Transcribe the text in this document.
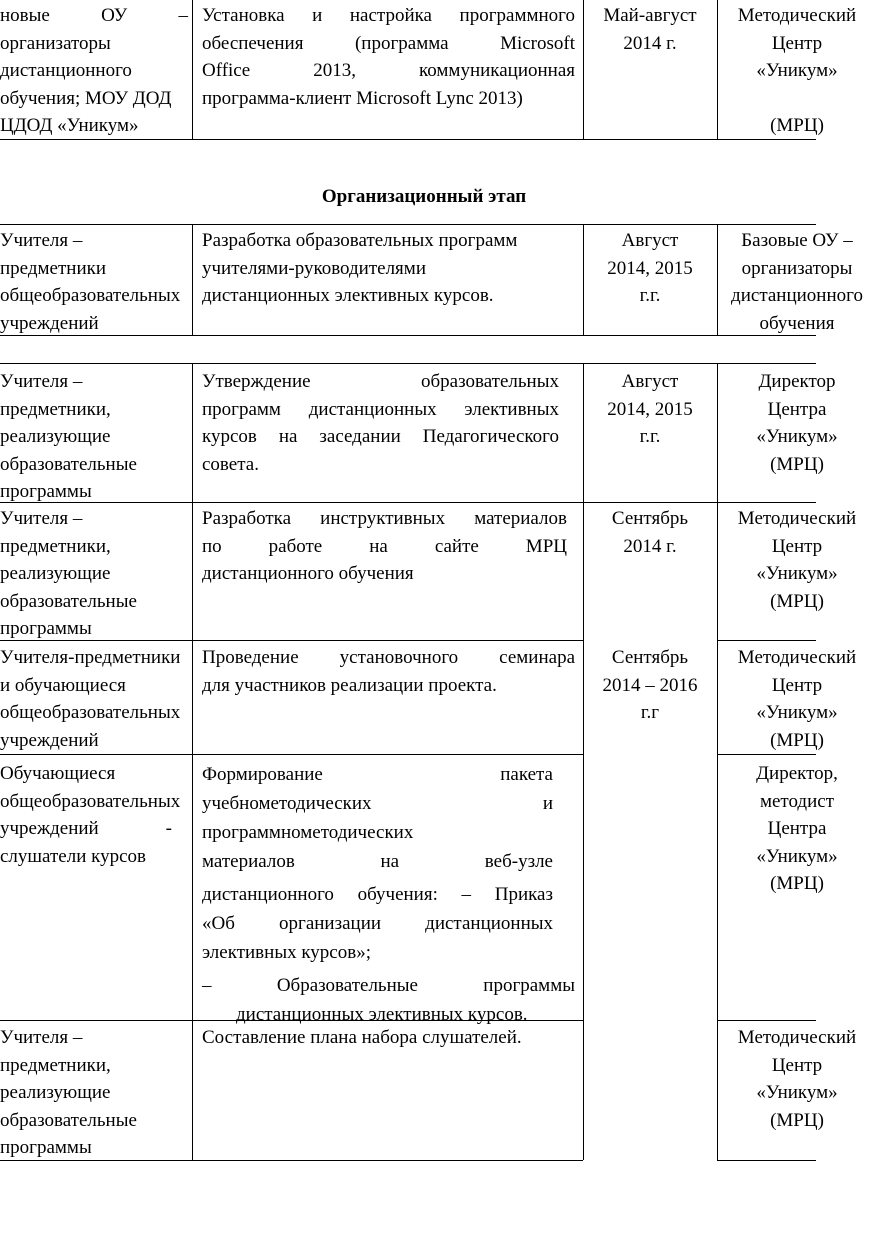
новые ОУ –
организаторы
дистанционного
обучения; МОУ ДОД
ЦДОД «Уникум»
Установка и настройка программного
обеспечения (программа Microsoft
Office 2013, коммуникационная
программа-клиент Microsoft Lync 2013)
Май-август
2014 г.
Методический
Центр
«Уникум»

(МРЦ)
Организационный этап
Учителя –
предметники
общеобразовательных
учреждений
Разработка образовательных программ
учителями-руководителями
дистанционных элективных курсов.
Август
2014, 2015
г.г.
Базовые ОУ –
организаторы
дистанционного
обучения
Учителя –
предметники,
реализующие
образовательные
программы
Утверждение образовательных
программ дистанционных элективных
курсов на заседании Педагогического
совета.
Август
2014, 2015
г.г.
Директор
Центра
«Уникум»
(МРЦ)
Учителя –
предметники,
реализующие
образовательные
программы
Разработка инструктивных материалов
по работе на сайте МРЦ
дистанционного обучения
Сентябрь
2014 г.
Методический
Центр
«Уникум»
(МРЦ)
Учителя-предметники
и обучающиеся
общеобразовательных
учреждений
Проведение установочного семинара
для участников реализации проекта.
Сентябрь
2014 – 2016
г.г
Методический
Центр
«Уникум»
(МРЦ)
Обучающиеся
общеобразовательных
учреждений -
слушатели курсов
Формирование пакета
учебнометодических и
программнометодических
материалов на веб-узле
дистанционного обучения: – Приказ
«Об организации дистанционных
элективных курсов»;
– Образовательные программы
дистанционных элективных курсов.
Директор,
методист
Центра
«Уникум»
(МРЦ)
Учителя –
предметники,
реализующие
образовательные
программы
Составление плана набора слушателей.	Методический
Центр
«Уникум»
(МРЦ)
